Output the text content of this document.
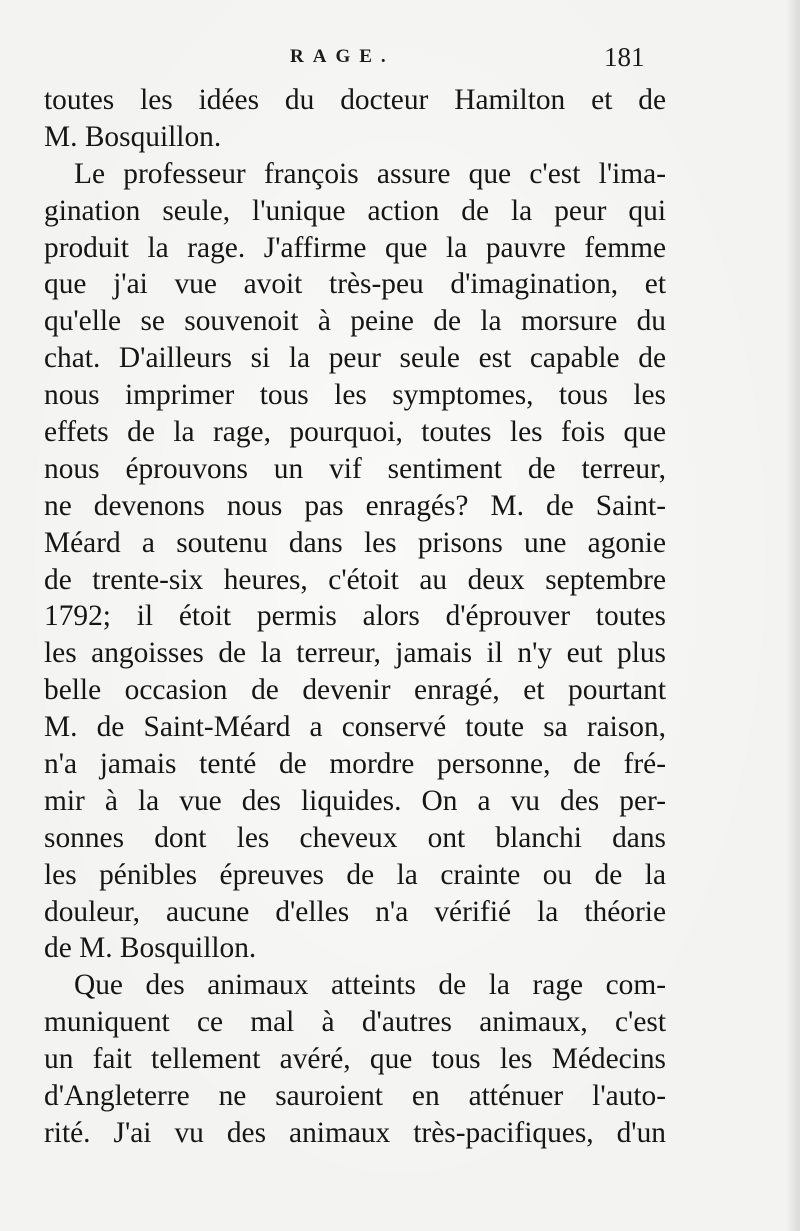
RAGE.	181
toutes les idées du docteur Hamilton et de
M. Bosquillon.
Le professeur françois assure que c'est l'ima-
gination seule, l'unique action de la peur qui
produit la rage. J'affirme que la pauvre femme
que j'ai vue avoit très-peu d'imagination, et
qu'elle se souvenoit à peine de la morsure du
chat. D'ailleurs si la peur seule est capable de
nous imprimer tous les symptomes, tous les
effets de la rage, pourquoi, toutes les fois que
nous éprouvons un vif sentiment de terreur,
ne devenons nous pas enragés? M. de Saint-
Méard a soutenu dans les prisons une agonie
de trente-six heures, c'étoit au deux septembre
1792; il étoit permis alors d'éprouver toutes
les angoisses de la terreur, jamais il n'y eut plus
belle occasion de devenir enragé, et pourtant
M. de Saint-Méard a conservé toute sa raison,
n'a jamais tenté de mordre personne, de fré-
mir à la vue des liquides. On a vu des per-
sonnes dont les cheveux ont blanchi dans
les pénibles épreuves de la crainte ou de la
douleur, aucune d'elles n'a vérifié la théorie
de M. Bosquillon.
Que des animaux atteints de la rage com-
muniquent ce mal à d'autres animaux, c'est
un fait tellement avéré, que tous les Médecins
d'Angleterre ne sauroient en atténuer l'auto-
rité. J'ai vu des animaux très-pacifiques, d'un
